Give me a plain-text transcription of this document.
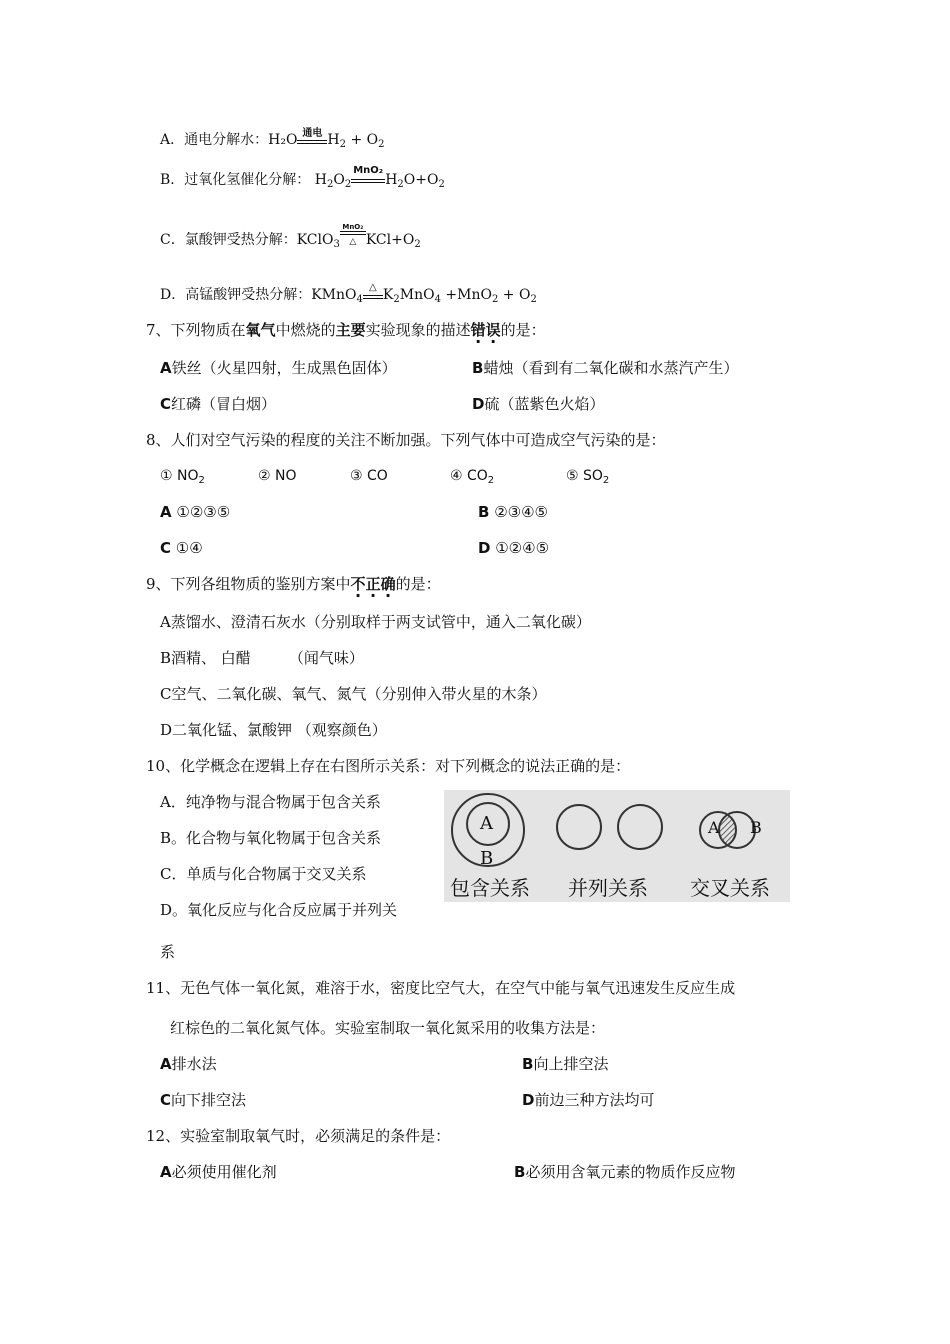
A．通电分解水：H₂O 通电 $H_2 + O_2$
B．过氧化氢催化分解： $H_2O_2$
MnO₂
$H_2O+O_2$
C．氯酸钾受热分解：KClO$_3$
MnO₂
△ $KCl+O_2$
D．高锰酸钾受热分解：KMnO$_4$
△ $K_2MnO_4 +MnO_2 + O_2$
7、下列物质在氧气中燃烧的主要实验现象的描述错误的是：
A铁丝（火星四射，生成黑色固体）	B蜡烛（看到有二氧化碳和水蒸汽产生）
C红磷（冒白烟）	D硫（蓝紫色火焰）
8、人们对空气污染的程度的关注不断加强。下列气体中可造成空气污染的是：
① $NO_2$	② NO	③ CO	④ $CO_2$	⑤ $SO_2$
A ①②③⑤	B ②③④⑤
C ①④	D ①②④⑤
9、下列各组物质的鉴别方案中不正确的是：
A蒸馏水、澄清石灰水（分别取样于两支试管中，通入二氧化碳）
B酒精、 白醋        （闻气味）
C空气、二氧化碳、氧气、氮气（分别伸入带火星的木条）
D二氧化锰、氯酸钾 （观察颜色）
10、化学概念在逻辑上存在右图所示关系：对下列概念的说法正确的是：
A．纯净物与混合物属于包含关系
B。化合物与氧化物属于包含关系
C．单质与化合物属于交叉关系
D。氧化反应与化合反应属于并列关
系
A
B
A B
包含关系 并列关系 交叉关系
11、无色气体一氧化氮，难溶于水，密度比空气大，在空气中能与氧气迅速发生反应生成
红棕色的二氧化氮气体。实验室制取一氧化氮采用的收集方法是：
A排水法	B向上排空法
C向下排空法	D前边三种方法均可
12、实验室制取氧气时，必须满足的条件是：
A必须使用催化剂	B必须用含氧元素的物质作反应物
